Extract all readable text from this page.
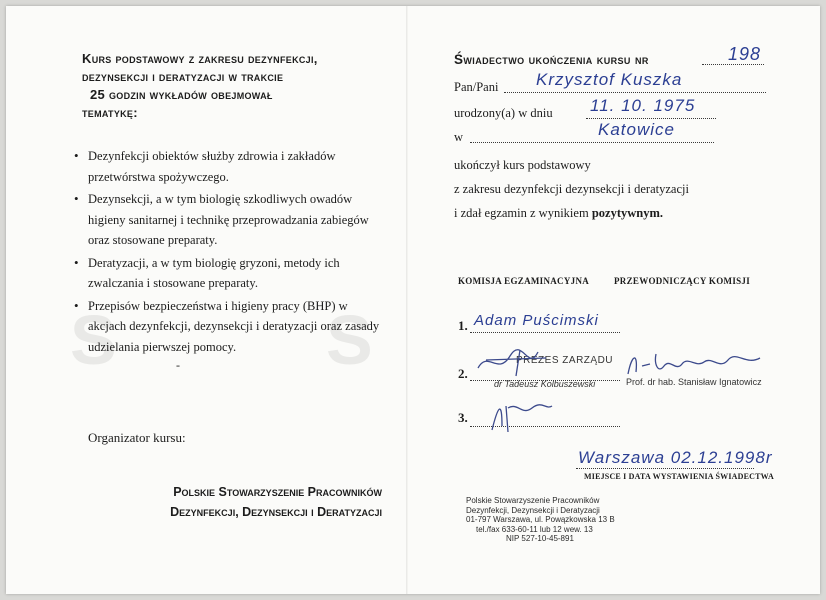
S
S
Kurs podstawowy z zakresu dezynfekcji,
dezynsekcji i deratyzacji w trakcie
25 godzin wykładów obejmował
tematykę:
• Dezynfekcji obiektów służby zdrowia i zakładów przetwórstwa spożywczego.
• Dezynsekcji, a w tym biologię szkodliwych owadów higieny sanitarnej i technikę przeprowadzania zabiegów oraz stosowane preparaty.
• Deratyzacji, a w tym biologię gryzoni, metody ich zwalczania i stosowane preparaty.
• Przepisów bezpieczeństwa i higieny pracy (BHP) w akcjach dezynfekcji, dezynsekcji i deratyzacji oraz zasady udzielania pierwszej pomocy.
-
Organizator kursu:
Polskie Stowarzyszenie Pracowników
Dezynfekcji, Dezynsekcji i Deratyzacji
Świadectwo ukończenia kursu nr	198
Pan/Pani Krzysztof Kuszka
urodzony(a) w dniu 11. 10. 1975
w	Katowice
ukończył kurs podstawowy
z zakresu dezynfekcji dezynsekcji i deratyzacji
i zdał egzamin z wynikiem pozytywnym.
KOMISJA EGZAMINACYJNA	PRZEWODNICZĄCY KOMISJI
1. Adam Puścimski
2.
PREZES ZARZĄDU
dr Tadeusz Kolbuszewski	Prof. dr hab. Stanisław Ignatowicz
3.
Warszawa 02.12.1998r
MIEJSCE I DATA WYSTAWIENIA ŚWIADECTWA
Polskie Stowarzyszenie Pracowników
Dezynfekcji, Dezynsekcji i Deratyzacji
01-797 Warszawa, ul. Powązkowska 13 B
tel./fax 633-60-11 lub 12 wew. 13
NIP 527-10-45-891
